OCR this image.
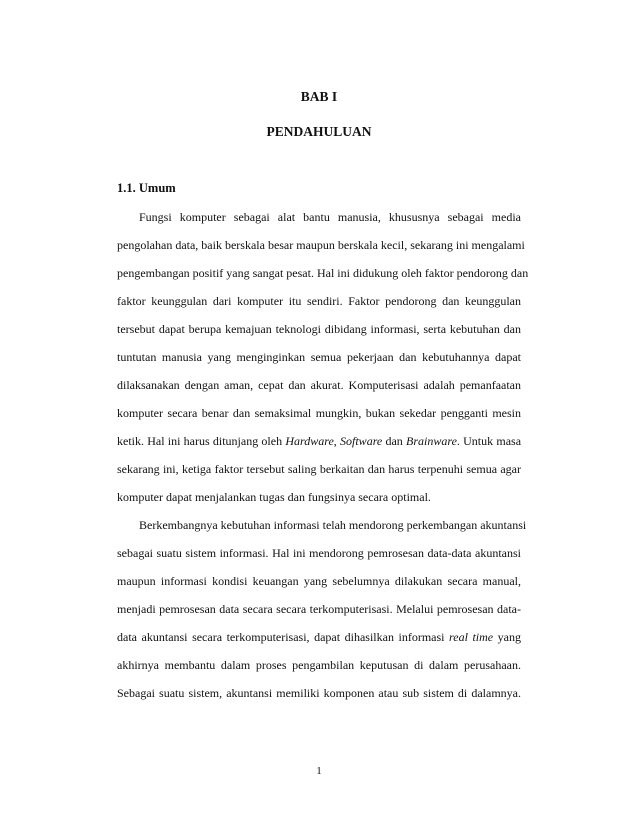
BAB I
PENDAHULUAN
1.1. Umum
Fungsi komputer sebagai alat bantu manusia, khususnya sebagai media
pengolahan data, baik berskala besar maupun berskala kecil, sekarang ini mengalami
pengembangan positif yang sangat pesat. Hal ini didukung oleh faktor pendorong dan
faktor keunggulan dari komputer itu sendiri. Faktor pendorong dan keunggulan
tersebut dapat berupa kemajuan teknologi dibidang informasi, serta kebutuhan dan
tuntutan manusia yang menginginkan semua pekerjaan dan kebutuhannya dapat
dilaksanakan dengan aman, cepat dan akurat. Komputerisasi adalah pemanfaatan
komputer secara benar dan semaksimal mungkin, bukan sekedar pengganti mesin
ketik. Hal ini harus ditunjang oleh Hardware, Software dan Brainware. Untuk masa
sekarang ini, ketiga faktor tersebut saling berkaitan dan harus terpenuhi semua agar
komputer dapat menjalankan tugas dan fungsinya secara optimal.
Berkembangnya kebutuhan informasi telah mendorong perkembangan akuntansi
sebagai suatu sistem informasi. Hal ini mendorong pemrosesan data-data akuntansi
maupun informasi kondisi keuangan yang sebelumnya dilakukan secara manual,
menjadi pemrosesan data secara secara terkomputerisasi. Melalui pemrosesan data-
data akuntansi secara terkomputerisasi, dapat dihasilkan informasi real time yang
akhirnya membantu dalam proses pengambilan keputusan di dalam perusahaan.
Sebagai suatu sistem, akuntansi memiliki komponen atau sub sistem di dalamnya.
1
